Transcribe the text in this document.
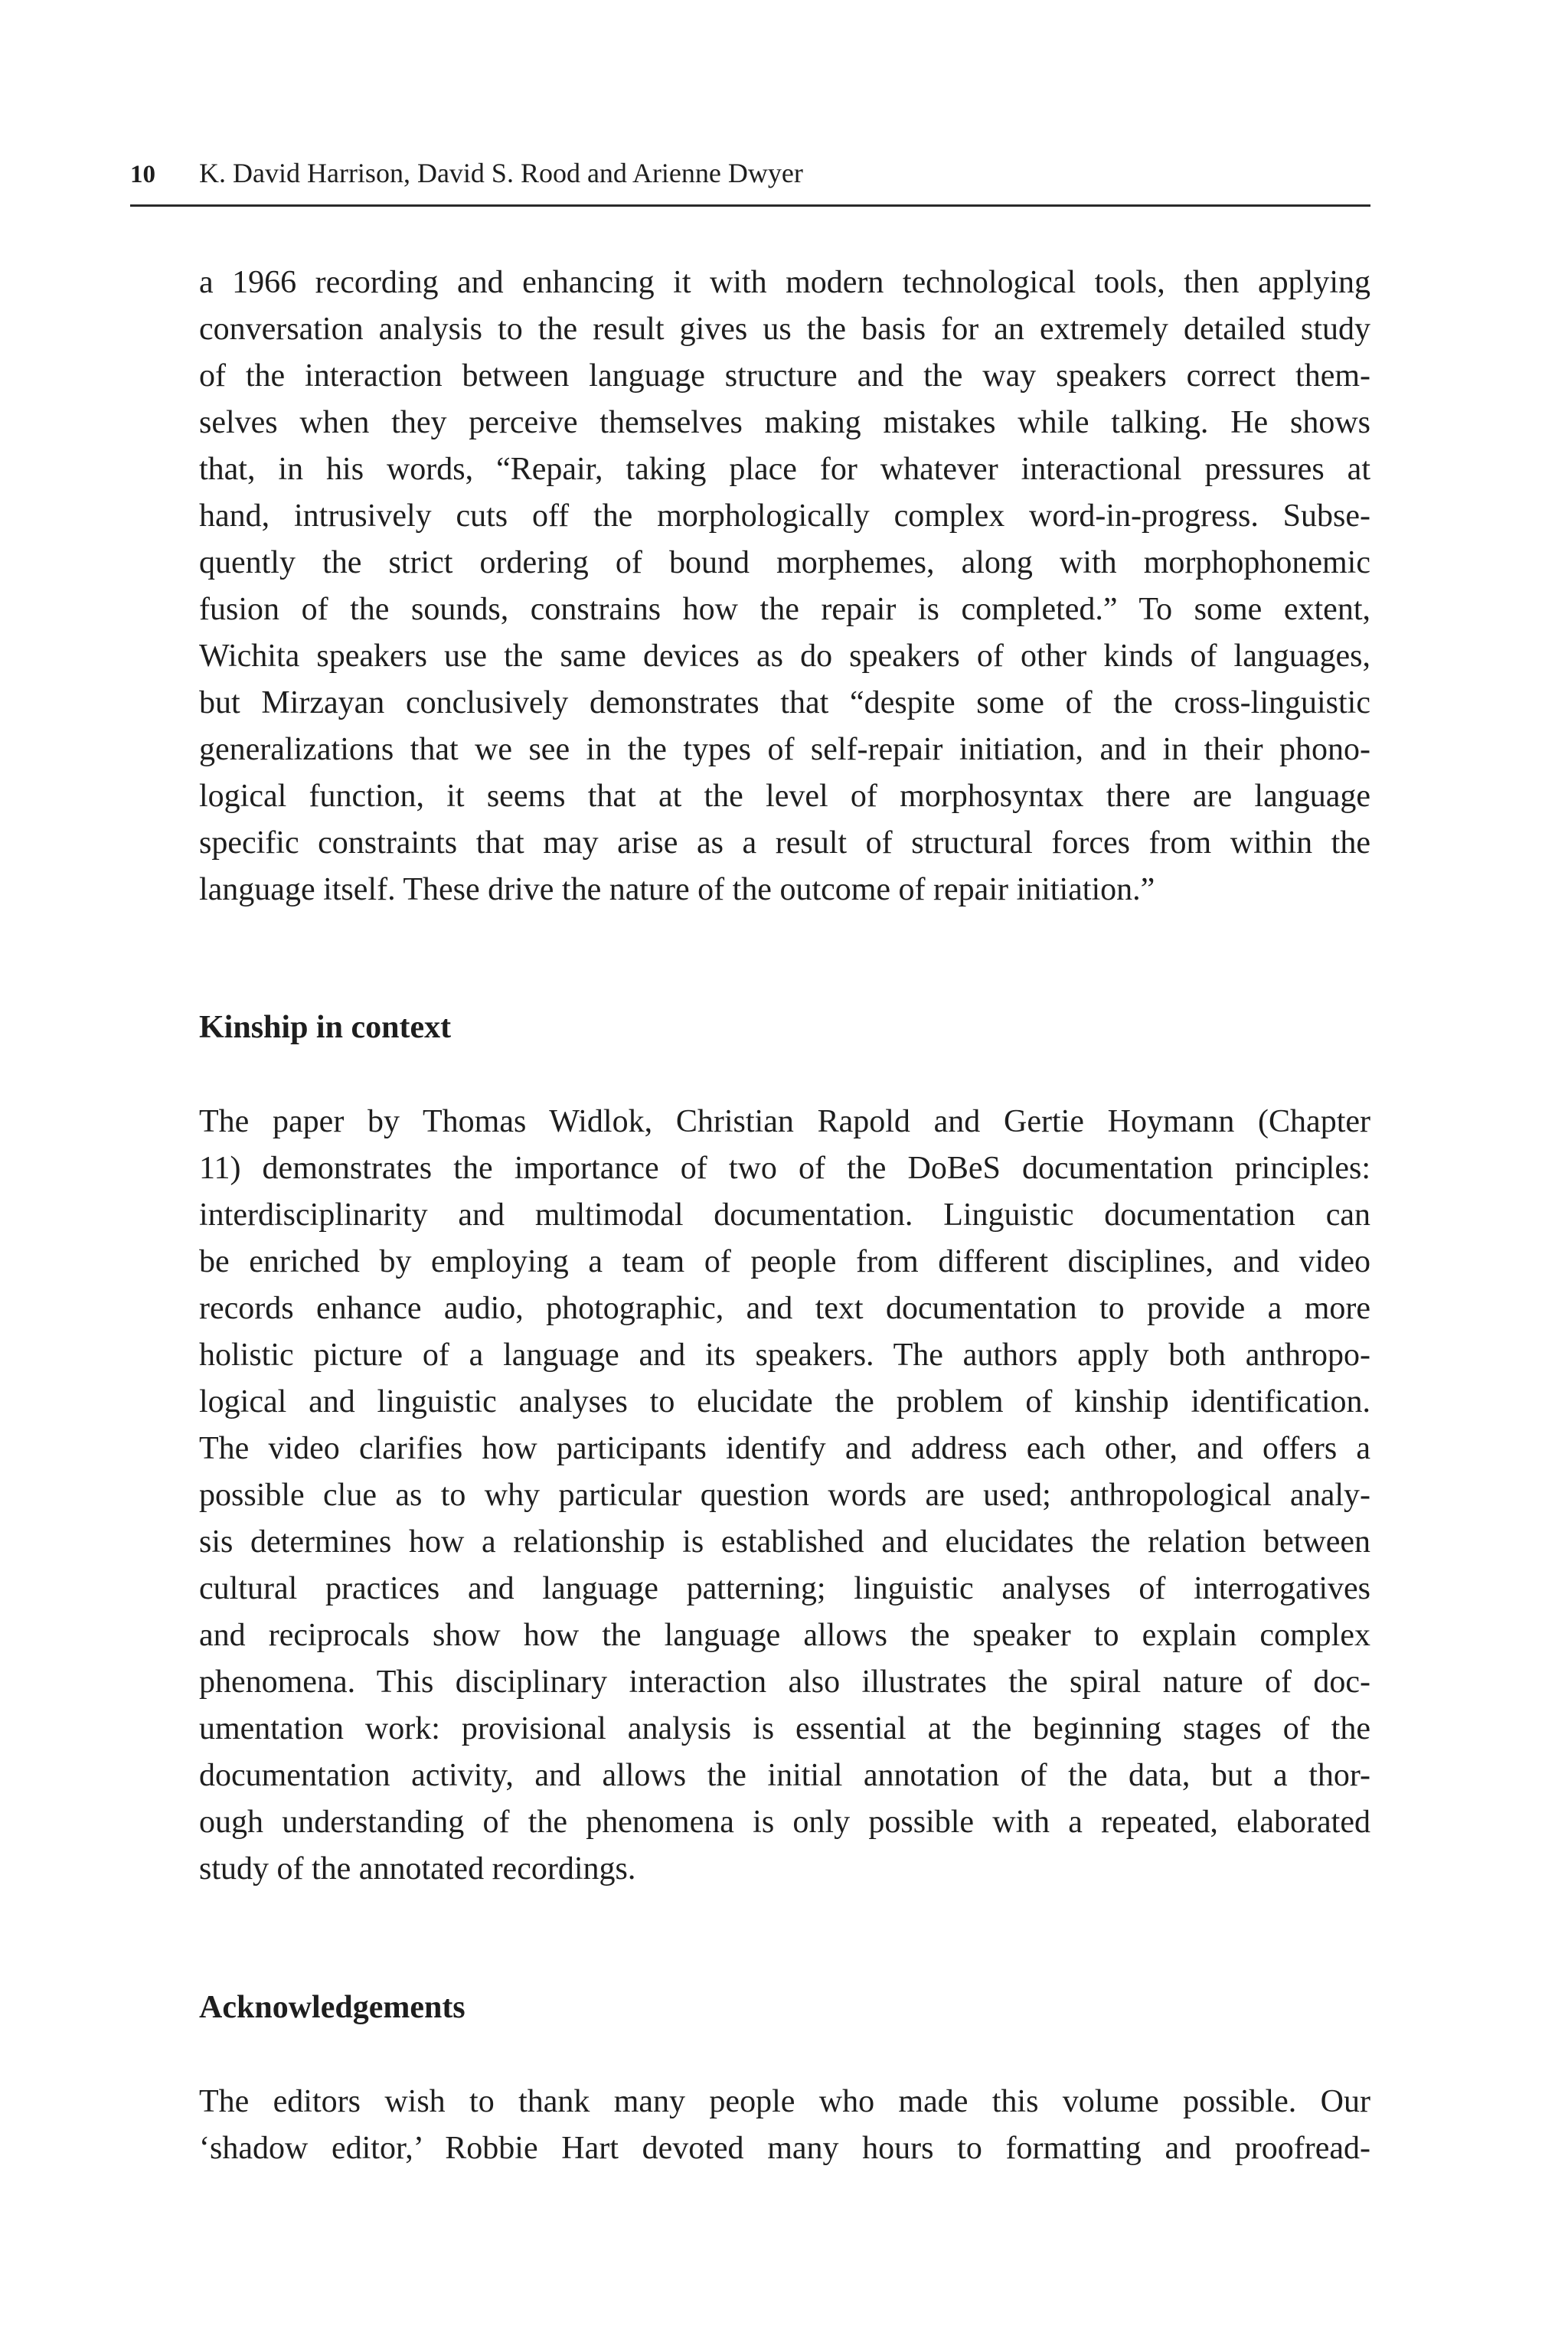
10 K. David Harrison, David S. Rood and Arienne Dwyer
a 1966 recording and enhancing it with modern technological tools, then applying
conversation analysis to the result gives us the basis for an extremely detailed study
of the interaction between language structure and the way speakers correct them-
selves when they perceive themselves making mistakes while talking. He shows
that, in his words, “Repair, taking place for whatever interactional pressures at
hand, intrusively cuts off the morphologically complex word-in-progress. Subse-
quently the strict ordering of bound morphemes, along with morphophonemic
fusion of the sounds, constrains how the repair is completed.” To some extent,
Wichita speakers use the same devices as do speakers of other kinds of languages,
but Mirzayan conclusively demonstrates that “despite some of the cross-linguistic
generalizations that we see in the types of self-repair initiation, and in their phono-
logical function, it seems that at the level of morphosyntax there are language
specific constraints that may arise as a result of structural forces from within the
language itself. These drive the nature of the outcome of repair initiation.”
Kinship in context
The paper by Thomas Widlok, Christian Rapold and Gertie Hoymann (Chapter
11) demonstrates the importance of two of the DoBeS documentation principles:
interdisciplinarity and multimodal documentation. Linguistic documentation can
be enriched by employing a team of people from different disciplines, and video
records enhance audio, photographic, and text documentation to provide a more
holistic picture of a language and its speakers. The authors apply both anthropo-
logical and linguistic analyses to elucidate the problem of kinship identification.
The video clarifies how participants identify and address each other, and offers a
possible clue as to why particular question words are used; anthropological analy-
sis determines how a relationship is established and elucidates the relation between
cultural practices and language patterning; linguistic analyses of interrogatives
and reciprocals show how the language allows the speaker to explain complex
phenomena. This disciplinary interaction also illustrates the spiral nature of doc-
umentation work: provisional analysis is essential at the beginning stages of the
documentation activity, and allows the initial annotation of the data, but a thor-
ough understanding of the phenomena is only possible with a repeated, elaborated
study of the annotated recordings.
Acknowledgements
The editors wish to thank many people who made this volume possible. Our
‘shadow editor,’ Robbie Hart devoted many hours to formatting and proofread-
